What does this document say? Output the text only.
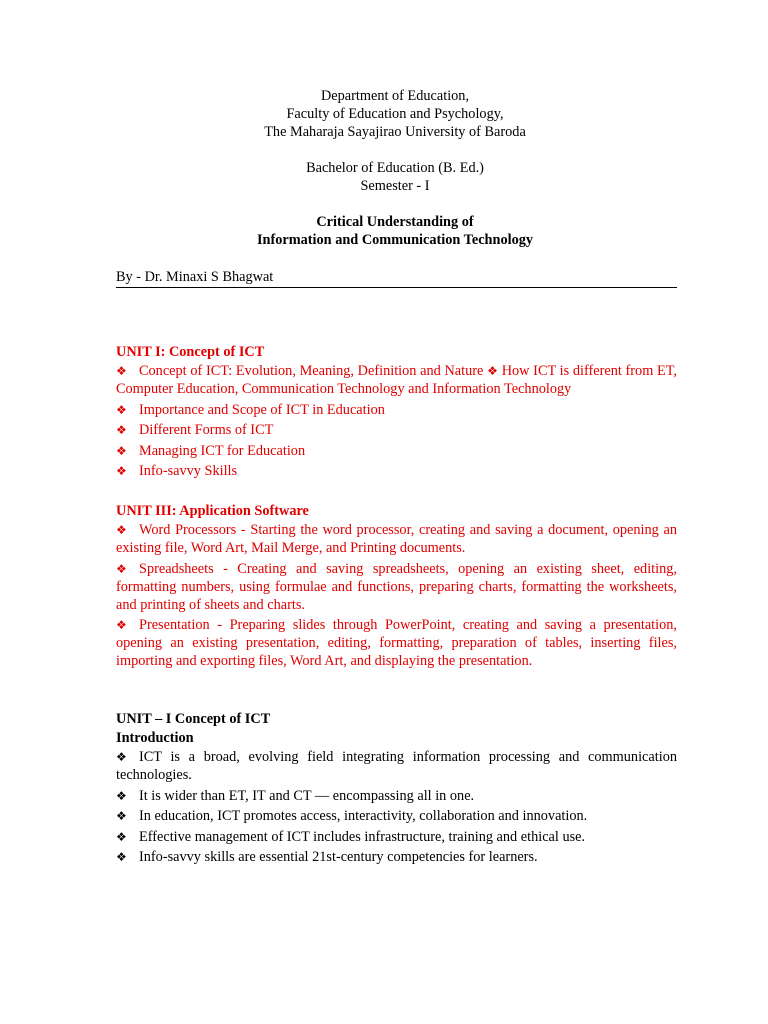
Department of Education,
Faculty of Education and Psychology,
The Maharaja Sayajirao University of Baroda
Bachelor of Education (B. Ed.)
Semester - I
Critical Understanding of
Information and Communication Technology
By - Dr. Minaxi S Bhagwat
UNIT I: Concept of ICT

❖ Concept of ICT: Evolution, Meaning, Definition and Nature ❖ How ICT is different from ET, Computer Education, Communication Technology and Information Technology

❖ Importance and Scope of ICT in Education

❖ Different Forms of ICT

❖ Managing ICT for Education

❖ Info-savvy Skills

UNIT III: Application Software

❖ Word Processors - Starting the word processor, creating and saving a document, opening an existing file, Word Art, Mail Merge, and Printing documents.

❖ Spreadsheets - Creating and saving spreadsheets, opening an existing sheet, editing, formatting numbers, using formulae and functions, preparing charts, formatting the worksheets, and printing of sheets and charts.

❖ Presentation - Preparing slides through PowerPoint, creating and saving a presentation, opening an existing presentation, editing, formatting, preparation of tables, inserting files, importing and exporting files, Word Art, and displaying the presentation.

UNIT – I Concept of ICT
Introduction

❖ ICT is a broad, evolving field integrating information processing and communication technologies.

❖ It is wider than ET, IT and CT — encompassing all in one.

❖ In education, ICT promotes access, interactivity, collaboration and innovation.

❖ Effective management of ICT includes infrastructure, training and ethical use.

❖ Info-savvy skills are essential 21st-century competencies for learners.
